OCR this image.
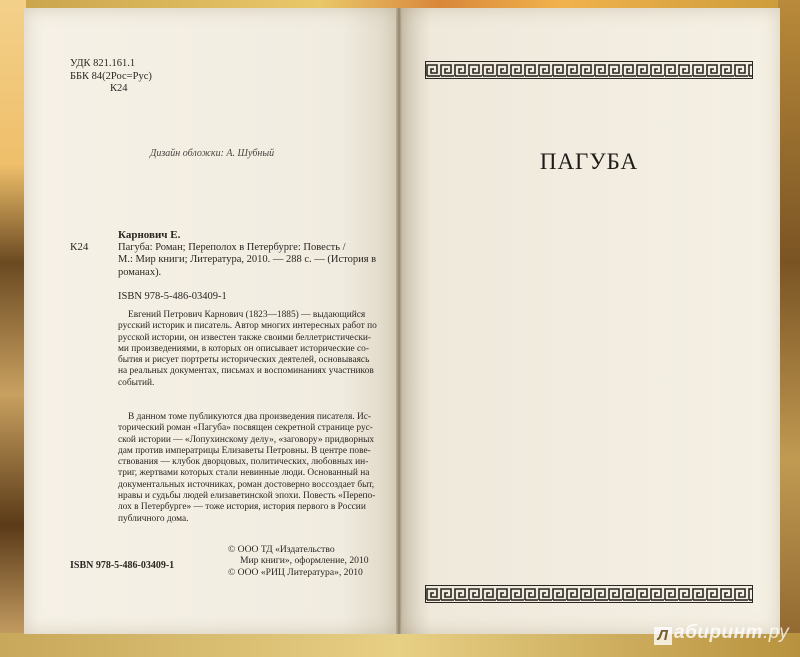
УДК 821.161.1
ББК 84(2Рос=Рус)
К24
Дизайн обложки: А. Шубный
Карнович Е.
К24	Пагуба: Роман; Переполох в Петербурге: Повесть /
М.: Мир книги; Литература, 2010. — 288 с. — (История в
романах).
ISBN 978-5-486-03409-1
Евгений Петрович Карнович (1823—1885) — выдающийся
русский историк и писатель. Автор многих интересных работ по
русской истории, он известен также своими беллетристически-
ми произведениями, в которых он описывает исторические со-
бытия и рисует портреты исторических деятелей, основываясь
на реальных документах, письмах и воспоминаниях участников
событий.
В данном томе публикуются два произведения писателя. Ис-
торический роман «Пагуба» посвящен секретной странице рус-
ской истории — «Лопухинскому делу», «заговору» придворных
дам против императрицы Елизаветы Петровны. В центре пове-
ствования — клубок дворцовых, политических, любовных ин-
триг, жертвами которых стали невинные люди. Основанный на
документальных источниках, роман достоверно воссоздает быт,
нравы и судьбы людей елизаветинской эпохи. Повесть «Перепо-
лох в Петербурге» — тоже история, история первого в России
публичного дома.
© ООО ТД «Издательство
Мир книги», оформление, 2010
© ООО «РИЦ Литература», 2010
ISBN 978-5-486-03409-1
ПАГУБА
Л абиринт.ру
